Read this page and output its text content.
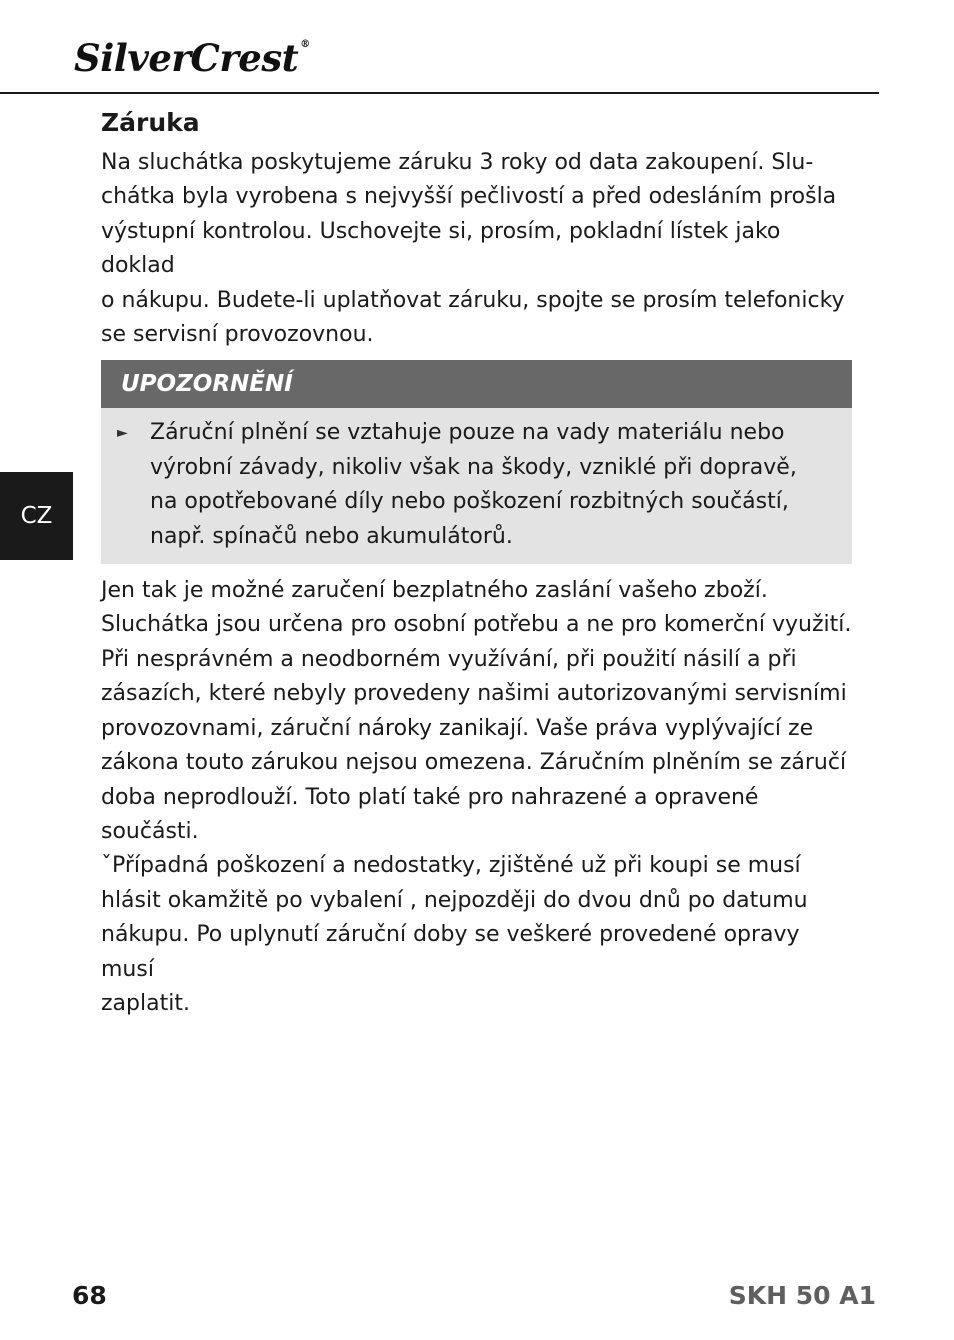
SilverCrest ®
CZ
Záruka

Na sluchátka poskytujeme záruku 3 roky od data zakoupení. Slu-
chátka byla vyrobena s nejvyšší pečlivostí a před odesláním prošla
výstupní kontrolou. Uschovejte si, prosím, pokladní lístek jako doklad
o nákupu. Budete-li uplatňovat záruku, spojte se prosím telefonicky
se servisní provozovnou.

UPOZORNĚNÍ
►	Záruční plnění se vztahuje pouze na vady materiálu nebo
výrobní závady, nikoliv však na škody, vzniklé při dopravě,
na opotřebované díly nebo poškození rozbitných součástí,
např. spínačů nebo akumulátorů.

Jen tak je možné zaručení bezplatného zaslání vašeho zboží.
Sluchátka jsou určena pro osobní potřebu a ne pro komerční využití.
Při nesprávném a neodborném využívání, při použití násilí a při
zásazích, které nebyly provedeny našimi autorizovanými servisními
provozovnami, záruční nároky zanikají. Vaše práva vyplývající ze
zákona touto zárukou nejsou omezena. Záručním plněním se záručí
doba neprodlouží. Toto platí také pro nahrazené a opravené součásti.
ˇPřípadná poškození a nedostatky, zjištěné už při koupi se musí
hlásit okamžitě po vybalení , nejpozději do dvou dnů po datumu
nákupu. Po uplynutí záruční doby se veškeré provedené opravy musí
zaplatit.

68	SKH 50 A1
